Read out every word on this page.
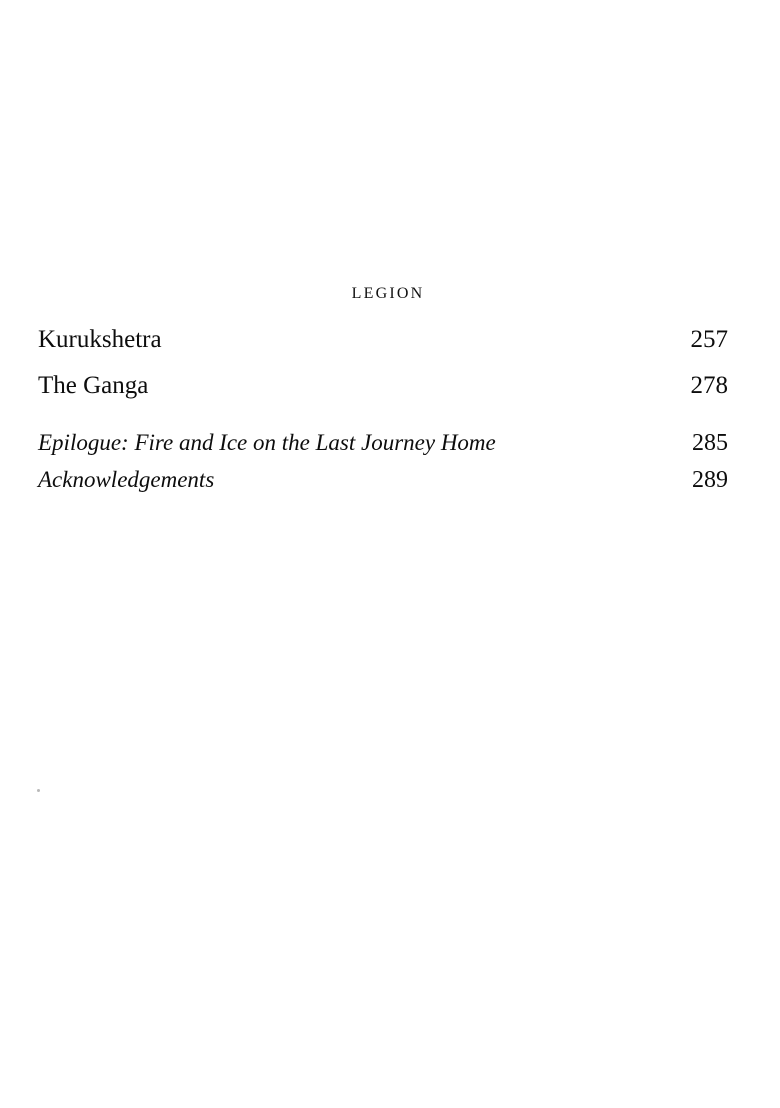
LEGION
Kurukshetra	257
The Ganga	278
Epilogue: Fire and Ice on the Last Journey Home	285
Acknowledgements	289
